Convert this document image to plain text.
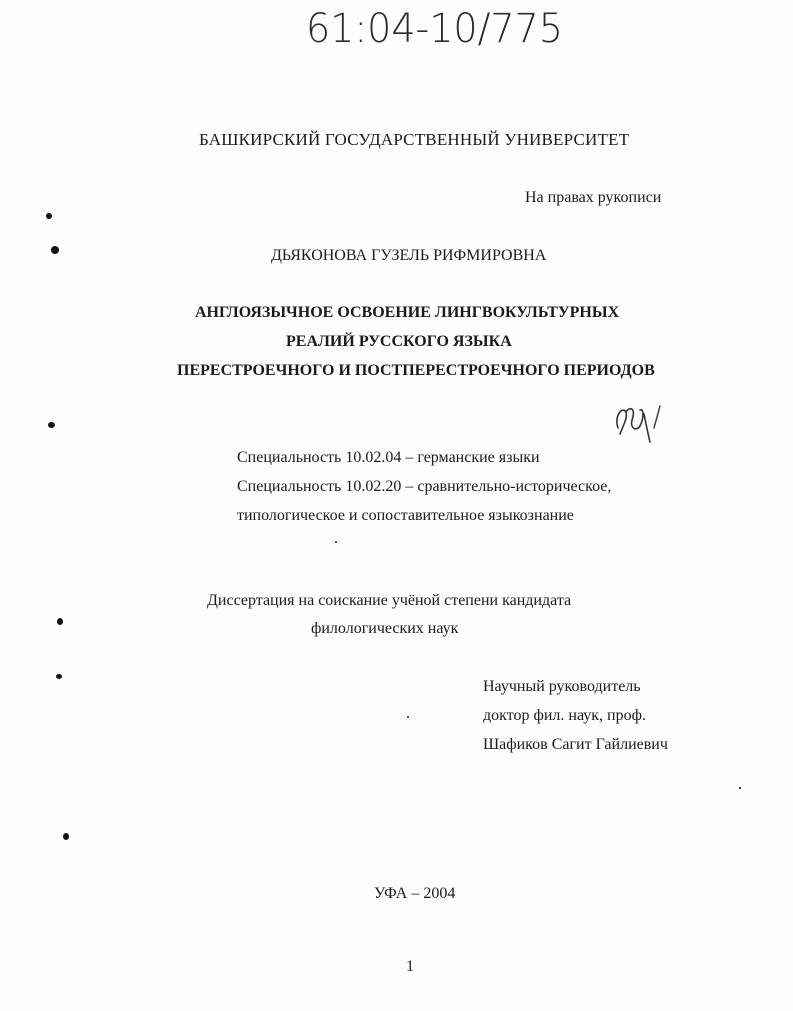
61:04-10/775
БАШКИРСКИЙ ГОСУДАРСТВЕННЫЙ УНИВЕРСИТЕТ
На правах рукописи
ДЬЯКОНОВА ГУЗЕЛЬ РИФМИРОВНА
АНГЛОЯЗЫЧНОЕ ОСВОЕНИЕ ЛИНГВОКУЛЬТУРНЫХ
РЕАЛИЙ РУССКОГО ЯЗЫКА
ПЕРЕСТРОЕЧНОГО И ПОСТПЕРЕСТРОЕЧНОГО ПЕРИОДОВ
Специальность 10.02.04 – германские языки
Специальность 10.02.20 – сравнительно-историческое,
типологическое и сопоставительное языкознание
Диссертация на соискание учёной степени кандидата
филологических наук
Научный руководитель
доктор фил. наук, проф.
Шафиков Сагит Гайлиевич
УФА – 2004
1
